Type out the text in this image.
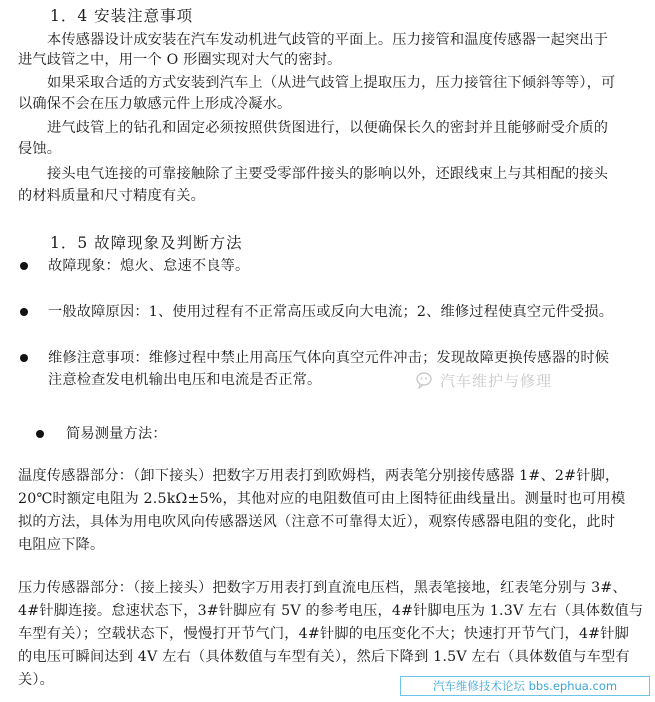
1．4 安装注意事项
本传感器设计成安装在汽车发动机进气歧管的平面上。压力接管和温度传感器一起突出于
进气歧管之中，用一个 O 形圈实现对大气的密封。
如果采取合适的方式安装到汽车上（从进气歧管上提取压力，压力接管往下倾斜等等），可
以确保不会在压力敏感元件上形成冷凝水。
进气歧管上的钻孔和固定必须按照供货图进行，以便确保长久的密封并且能够耐受介质的
侵蚀。
接头电气连接的可靠接触除了主要受零部件接头的影响以外，还跟线束上与其相配的接头
的材料质量和尺寸精度有关。
1．5 故障现象及判断方法
故障现象：熄火、怠速不良等。
一般故障原因：1、使用过程有不正常高压或反向大电流；2、维修过程使真空元件受损。
维修注意事项：维修过程中禁止用高压气体向真空元件冲击；发现故障更换传感器的时候
注意检查发电机输出电压和电流是否正常。	汽车维护与修理
简易测量方法：
温度传感器部分：（卸下接头）把数字万用表打到欧姆档，两表笔分别接传感器 1#、2#针脚，
20℃时额定电阻为 2.5kΩ±5%，其他对应的电阻数值可由上图特征曲线量出。测量时也可用模
拟的方法，具体为用电吹风向传感器送风（注意不可靠得太近），观察传感器电阻的变化，此时
电阻应下降。
压力传感器部分：（接上接头）把数字万用表打到直流电压档，黑表笔接地，红表笔分别与 3#、
4#针脚连接。怠速状态下，3#针脚应有 5V 的参考电压，4#针脚电压为 1.3V 左右（具体数值与
车型有关）；空载状态下，慢慢打开节气门，4#针脚的电压变化不大；快速打开节气门，4#针脚
的电压可瞬间达到 4V 左右（具体数值与车型有关），然后下降到 1.5V 左右（具体数值与车型有
关）。	汽车维修技术论坛 bbs.ephua.com
